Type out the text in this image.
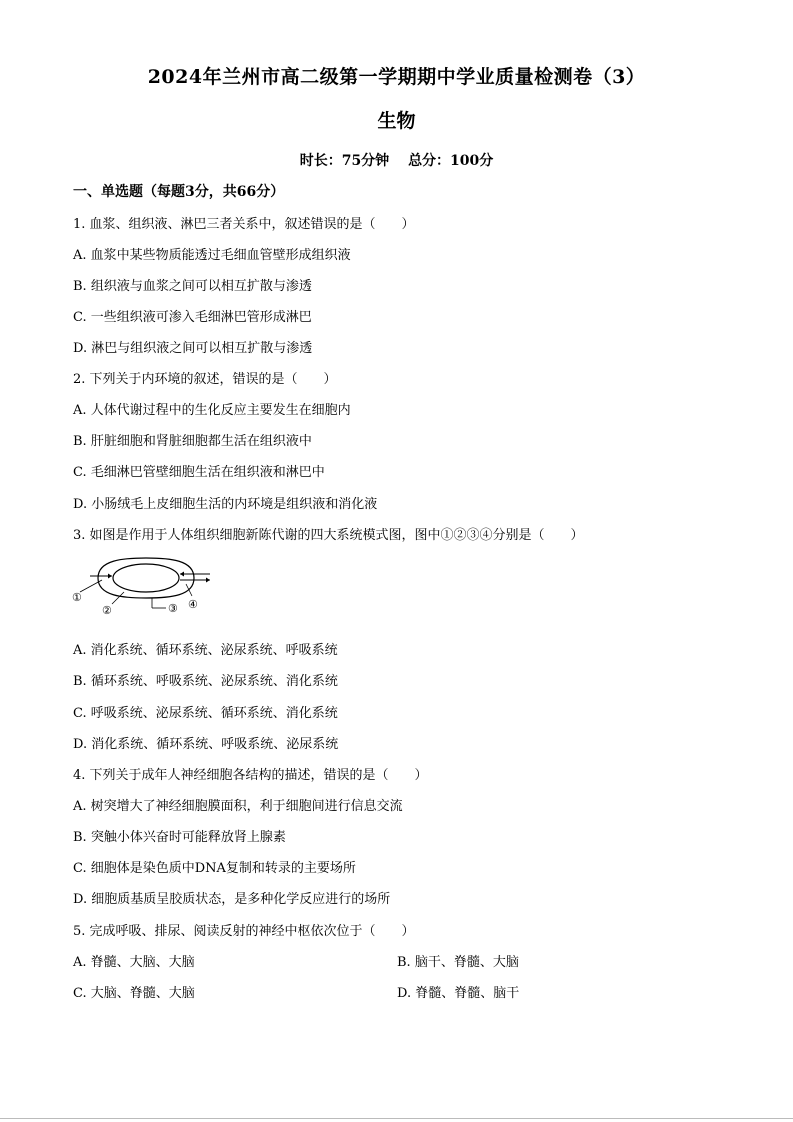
2024年兰州市高二级第一学期期中学业质量检测卷（3）
生物
时长：75分钟 总分：100分
一、单选题（每题3分，共66分）
1. 血浆、组织液、淋巴三者关系中，叙述错误的是（　　）
A. 血浆中某些物质能透过毛细血管壁形成组织液
B. 组织液与血浆之间可以相互扩散与渗透
C. 一些组织液可渗入毛细淋巴管形成淋巴
D. 淋巴与组织液之间可以相互扩散与渗透
2. 下列关于内环境的叙述，错误的是（　　）
A. 人体代谢过程中的生化反应主要发生在细胞内
B. 肝脏细胞和肾脏细胞都生活在组织液中
C. 毛细淋巴管壁细胞生活在组织液和淋巴中
D. 小肠绒毛上皮细胞生活的内环境是组织液和消化液
3. 如图是作用于人体组织细胞新陈代谢的四大系统模式图，图中①②③④分别是（　　）
①
②	③ ④
A. 消化系统、循环系统、泌尿系统、呼吸系统
B. 循环系统、呼吸系统、泌尿系统、消化系统
C. 呼吸系统、泌尿系统、循环系统、消化系统
D. 消化系统、循环系统、呼吸系统、泌尿系统
4. 下列关于成年人神经细胞各结构的描述，错误的是（　　）
A. 树突增大了神经细胞膜面积，利于细胞间进行信息交流
B. 突触小体兴奋时可能释放肾上腺素
C. 细胞体是染色质中DNA复制和转录的主要场所
D. 细胞质基质呈胶质状态，是多种化学反应进行的场所
5. 完成呼吸、排尿、阅读反射的神经中枢依次位于（　　）
A. 脊髓、大脑、大脑	B. 脑干、脊髓、大脑
C. 大脑、脊髓、大脑	D. 脊髓、脊髓、脑干
